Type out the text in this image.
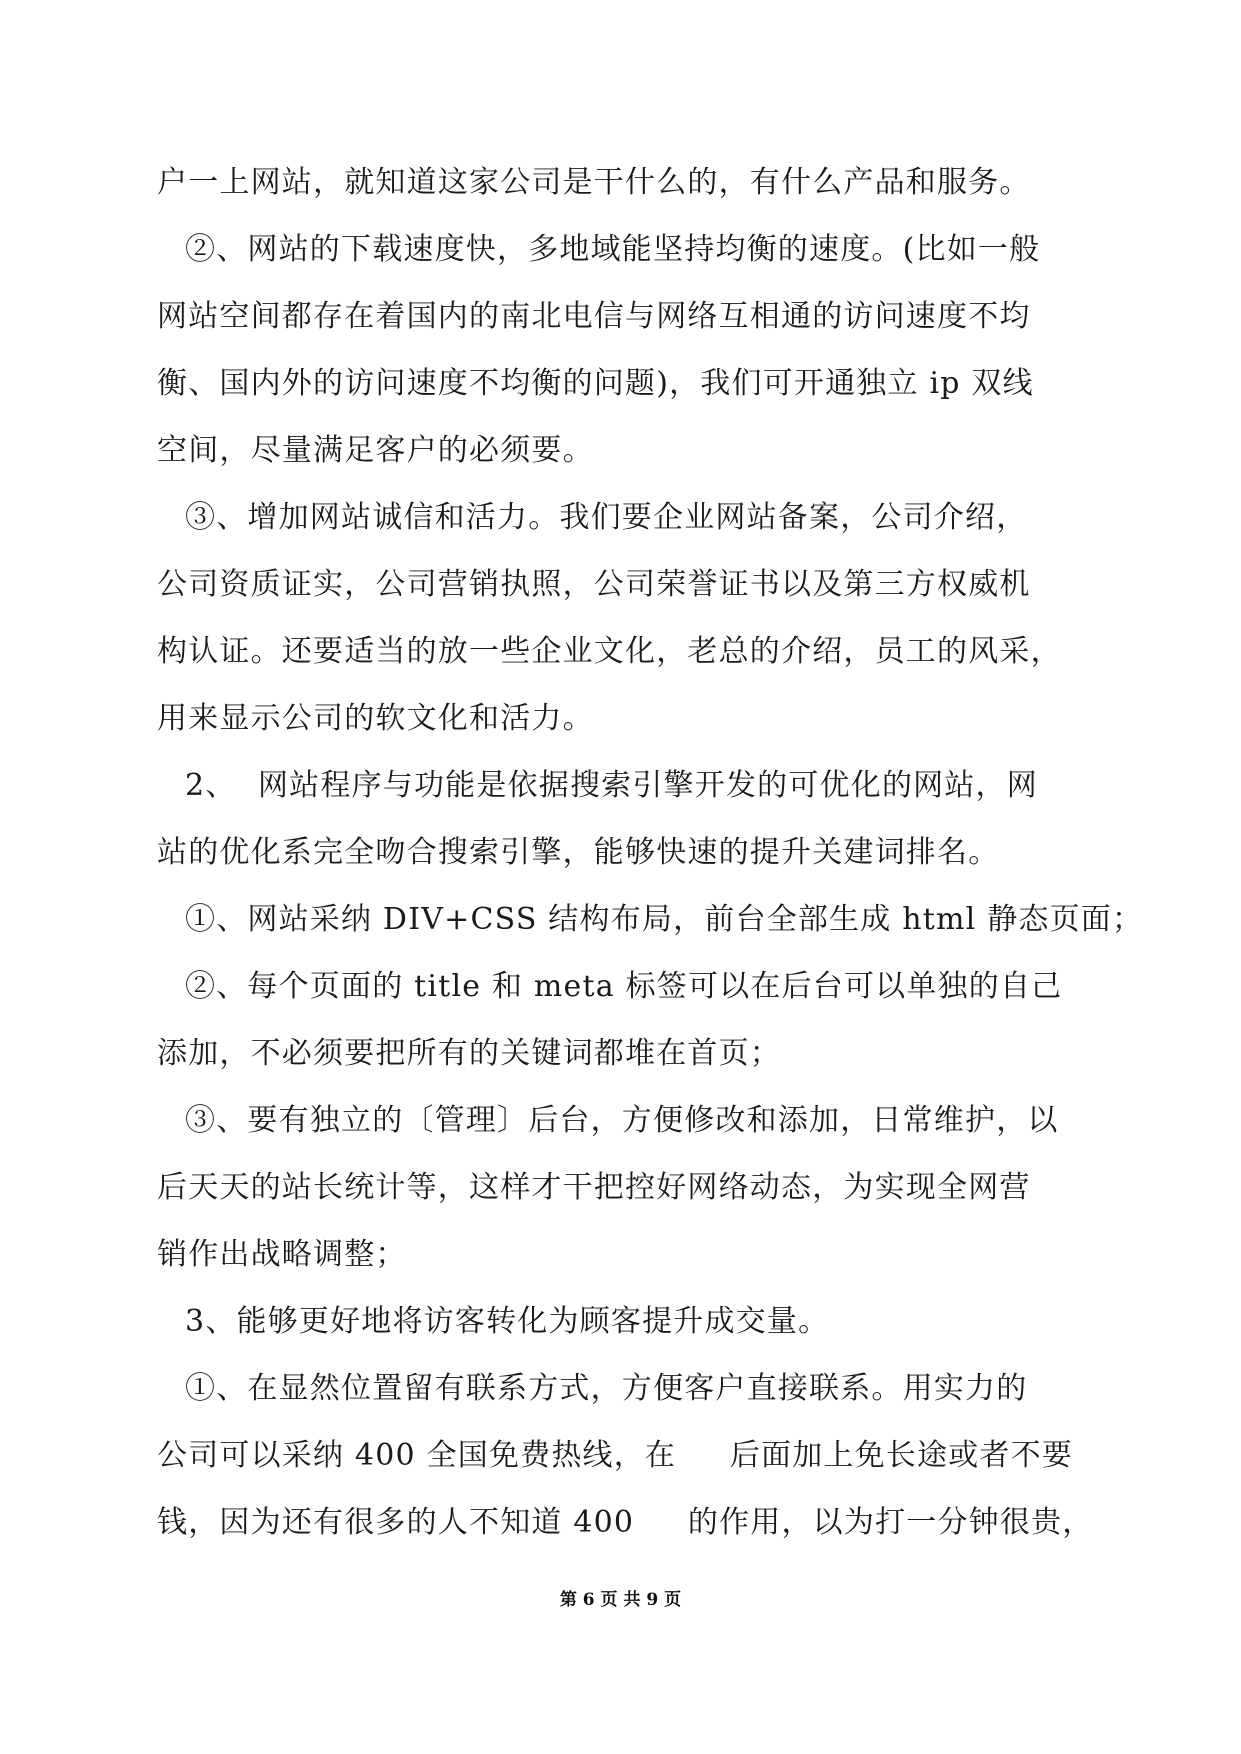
户一上网站，就知道这家公司是干什么的，有什么产品和服务。
②、网站的下载速度快，多地域能坚持均衡的速度。(比如一般
网站空间都存在着国内的南北电信与网络互相通的访问速度不均
衡、国内外的访问速度不均衡的问题)，我们可开通独立 ip 双线
空间，尽量满足客户的必须要。
③、增加网站诚信和活力。我们要企业网站备案，公司介绍，
公司资质证实，公司营销执照，公司荣誉证书以及第三方权威机
构认证。还要适当的放一些企业文化，老总的介绍，员工的风采，
用来显示公司的软文化和活力。
2、  网站程序与功能是依据搜索引擎开发的可优化的网站，网
站的优化系完全吻合搜索引擎，能够快速的提升关建词排名。
①、网站采纳 DIV+CSS 结构布局，前台全部生成 html 静态页面；
②、每个页面的 title 和 meta 标签可以在后台可以单独的自己
添加，不必须要把所有的关键词都堆在首页；
③、要有独立的〔管理〕后台，方便修改和添加，日常维护，以
后天天的站长统计等，这样才干把控好网络动态，为实现全网营
销作出战略调整；
3、能够更好地将访客转化为顾客提升成交量。
①、在显然位置留有联系方式，方便客户直接联系。用实力的
公司可以采纳 400 全国免费热线，在     后面加上免长途或者不要
钱，因为还有很多的人不知道 400     的作用，以为打一分钟很贵，
第 6 页 共 9 页
